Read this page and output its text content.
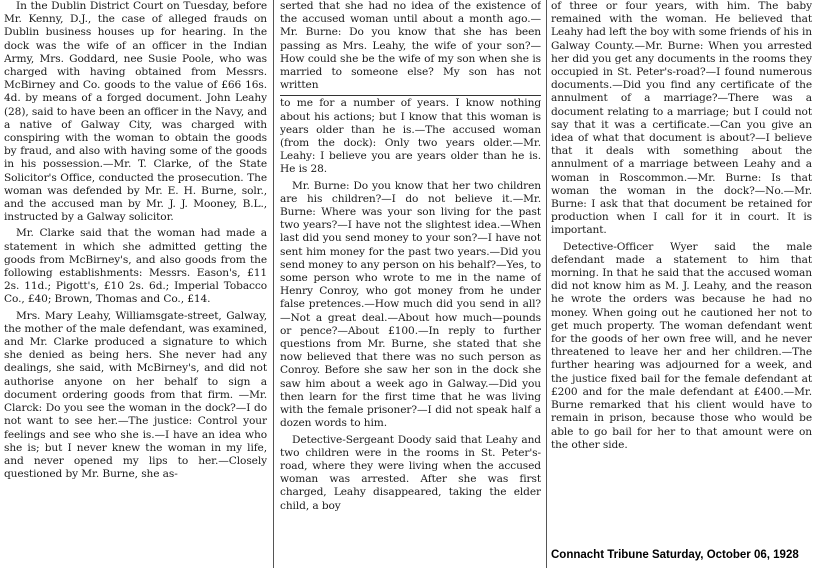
In the Dublin District Court on Tuesday, before Mr. Kenny, D.J., the case of alleged frauds on Dublin business houses up for hearing. In the dock was the wife of an officer in the Indian Army, Mrs. Goddard, nee Susie Poole, who was charged with having obtained from Messrs. McBirney and Co. goods to the value of £66 16s. 4d. by means of a forged document. John Leahy (28), said to have been an officer in the Navy, and a native of Galway City, was charged with conspiring with the woman to obtain the goods by fraud, and also with having some of the goods in his possession.—Mr. T. Clarke, of the State Solicitor's Office, conducted the prosecution. The woman was defended by Mr. E. H. Burne, solr., and the accused man by Mr. J. J. Mooney, B.L., instructed by a Galway solicitor.

Mr. Clarke said that the woman had made a statement in which she admitted getting the goods from McBirney's, and also goods from the following establishments: Messrs. Eason's, £11 2s. 11d.; Pigott's, £10 2s. 6d.; Imperial Tobacco Co., £40; Brown, Thomas and Co., £14.

Mrs. Mary Leahy, Williamsgate-street, Galway, the mother of the male defendant, was examined, and Mr. Clarke produced a signature to which she denied as being hers. She never had any dealings, she said, with McBirney's, and did not authorise anyone on her behalf to sign a document ordering goods from that firm. —Mr. Clarck: Do you see the woman in the dock?—I do not want to see her.—The justice: Control your feelings and see who she is.—I have an idea who she is; but I never knew the woman in my life, and never opened my lips to her.—Closely questioned by Mr. Burne, she as-

serted that she had no idea of the existence of the accused woman until about a month ago.—Mr. Burne: Do you know that she has been passing as Mrs. Leahy, the wife of your son?—How could she be the wife of my son when she is married to someone else? My son has not written

to me for a number of years. I know nothing about his actions; but I know that this woman is years older than he is.—The accused woman (from the dock): Only two years older.—Mr. Leahy: I believe you are years older than he is. He is 28.

Mr. Burne: Do you know that her two children are his children?—I do not believe it.—Mr. Burne: Where was your son living for the past two years?—I have not the slightest idea.—When last did you send money to your son?—I have not sent him money for the past two years.—Did you send money to any person on his behalf?—Yes, to some person who wrote to me in the name of Henry Conroy, who got money from he under false pretences.—How much did you send in all?—Not a great deal.—About how much—pounds or pence?—About £100.—In reply to further questions from Mr. Burne, she stated that she now believed that there was no such person as Conroy. Before she saw her son in the dock she saw him about a week ago in Galway.—Did you then learn for the first time that he was living with the female prisoner?—I did not speak half a dozen words to him.

Detective-Sergeant Doody said that Leahy and two children were in the rooms in St. Peter's-road, where they were living when the accused woman was arrested. After she was first charged, Leahy disappeared, taking the elder child, a boy

of three or four years, with him. The baby remained with the woman. He believed that Leahy had left the boy with some friends of his in Galway County.—Mr. Burne: When you arrested her did you get any documents in the rooms they occupied in St. Peter's-road?—I found numerous documents.—Did you find any certificate of the annulment of a marriage?—There was a document relating to a marriage; but I could not say that it was a certificate.—Can you give an idea of what that document is about?—I believe that it deals with something about the annulment of a marriage between Leahy and a woman in Roscommon.—Mr. Burne: Is that woman the woman in the dock?—No.—Mr. Burne: I ask that that document be retained for production when I call for it in court. It is important.

Detective-Officer Wyer said the male defendant made a statement to him that morning. In that he said that the accused woman did not know him as M. J. Leahy, and the reason he wrote the orders was because he had no money. When going out he cautioned her not to get much property. The woman defendant went for the goods of her own free will, and he never threatened to leave her and her children.—The further hearing was adjourned for a week, and the justice fixed bail for the female defendant at £200 and for the male defendant at £400.—Mr. Burne remarked that his client would have to remain in prison, because those who would be able to go bail for her to that amount were on the other side.

Connacht Tribune Saturday, October 06, 1928
